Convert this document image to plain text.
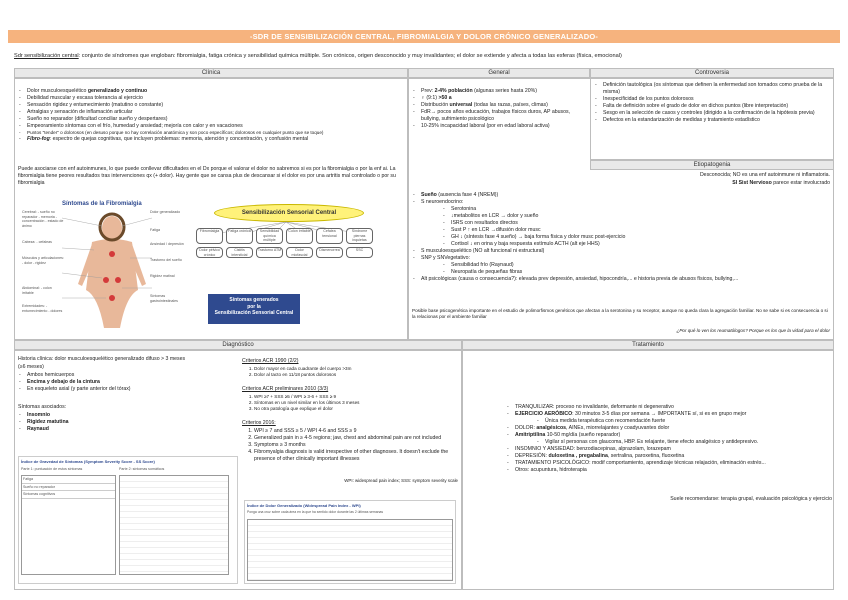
-SDR DE SENSIBILIZACIÓN CENTRAL, FIBROMIALGIA Y DOLOR CRÓNICO GENERALIZADO-
Sdr sensibilización central: conjunto de síndromes que engloban: fibromialgia, fatiga crónica y sensibilidad química múltiple. Son crónicos, origen desconocido y muy invalidantes; el dolor se extiende y afecta a todas las esferas (física, emocional)
Clínica	General	Controversia
Etiopatogenia
Diagnóstico	Tratamiento
- Dolor musculoesquelético generalizado y continuo
- Debilidad muscular y escasa tolerancia al ejercicio
- Sensación rigidez y entumecimiento (matutino o constante)
- Artralgias y sensación de inflamación articular
- Sueño no reparador (dificultad conciliar sueño y despertares)
- Empeoramiento síntomas con el frío, humedad y ansiedad; mejoría con calor y en vacaciones
- Puntos "tender" o dolorosos (en desuso porque no hay correlación anatómica y son poco específicos; dolorosos en cualquier punto que se toque)
- Fibro-fog: espectro de quejas cognitivas, que incluyen problemas: memoria, atención y concentración, y confusión mental
Puede asociarse con enf autoinmunes, lo que puede conllevar dificultades en el Dx porque el valorar el dolor no sabremos si es por la fibromialgia o por la enf ai. La fibromialgia tiene peores resultados tras intervenciones qx (+ dolor). Hay gente que se cansa plus de descansar si el dolor es por una artritis mal controlado o por su fibromialgia
Síntomas de la Fibromialgia
Cerebral: - sueño no reparador - memoria - concentración - estado de ánimo
Cabeza: - cefaleas
Músculos y articulaciones: - dolor - rigidez
Abdominal: - colon irritable
Extremidades: - entumecimiento - dolores
Dolor generalizado
Fatiga
Ansiedad / depresión
Trastorno del sueño
Rigidez matinal
Síntomas gastrointestinales
Sensibilización Sensorial Central
Fibromialgia	Fatiga crónica	Sensibilidad química múltiple
Colon irritable	Cefalea tensional
Síndrome piernas inquietas
Dolor pélvico crónico
Cistitis intersticial
Trastorno ATM	Dolor miofascial
Dismenorrea	SSC
Síntomas generados
por la
Sensibilización Sensorial Central
- Prev: 2-4% población (algunas series hasta 20%)
- ♀ (9:1) >50 a
- Distribución universal (todas las razas, países, climas)
- FdR→ pocos años educación, trabajos físicos duros, AP abusos, bullying, sufrimiento psicológico
- 10-25% incapacidad laboral (por en edad laboral activa)
- Definición tautológica (os síntomas que definen la enfermedad son tomados como prueba de la misma)
- Inespecificidad de los puntos dolorosos
- Falta de definición sobre el grado de dolor en dichos puntos (libre interpretación)
- Sesgo en la selección de casos y controles (dirigido a la confirmación de la hipótesis previa)
- Defectos en la estandarización de medidas y tratamiento estadístico
Desconocida; NO es una enf autoinmune ni inflamatoria.
SI Sist Nervioso parece estar involucrado
- Sueño (ausencia fase 4 (NREM))
- S neuroendocrino:
- Serotonina
- ↓metabolitos en LCR → dolor y sueño
- ISRS con resultados directos
- Sust P ↑ en LCR →difusión dolor musc
- GH ↓ (síntesis fase 4 sueño) → baja forma física y dolor musc post-ejercicio
- Cortisol ↓ en orina y baja respuesta estímulo ACTH (alt eje HHS)
- S musculoesquelético (NO alt funcional ni estructural)
- SNP y SNVegetativo:
- Sensibilidad frío (Raynaud)
- Neuropatía de pequeñas fibras
- Alt psicológicas (causa o consecuencia?): elevada prev depresión, ansiedad, hipocondría,... e historia previa de abusos físicos, bullying,...
Posible base psicogenética importante en el estudio de polimorfismos genéticos que afectan a la serotonina y su receptor, aunque no queda clara la agregación familiar. No se sabe si es consecuencia o si la relacionas por el ambiente familiar
¿Por qué lo ven los reumatólogos? Porque es los que la vidad para el dolor
Historia clínica: dolor musculoesquelético generalizado difuso > 3 meses
(≥6 meses)
- Ambos hemicuerpos
- Encima y debajo de la cintura
- En esqueleto axial (y parte anterior del tórax)
Síntomas asociados:
- Insomnio
- Rigidez matutina
- Raynaud
Índice de Gravedad de Síntomas (Symptom Severity Score - SS Score)
Parte 1: puntuación de estos síntomas
Fatiga
Sueño no reparador
Síntomas cognitivos
Parte 2: síntomas somáticos
Criterios ACR 1990 (2/2)
1. Dolor mayor en cada cuadrante del cuerpo >3m
2. Dolor al tacto en 11/18 puntos dolorosos
Criterios ACR preliminares 2010 (3/3)
1. WPI ≥7 + SSS ≥5 / WPI ≥ 3-6 + SSS ≥ 9
2. Síntomas en un nivel similar en los últimos 3 meses
3. No otra patología que explique el dolor
Criterios 2016:
1. WPI ≥ 7 and SSS ≥ 5 / WPI 4-6 and SSS ≥ 9
2. Generalized pain in ≥ 4-5 regions; jaw, chest and abdominal pain are not included
3. Symptoms ≥ 3 months
4. Fibromyalgia diagnosis is valid irrespective of other diagnoses. It doesn't exclude the presence of other clinically important illnesses
WPI: widespread pain index; SSS: symptom severity scale
Índice de Dolor Generalizado (Widespread Pain Index - WPI)
Ponga una cruz sobre cada área en la que ha sentido dolor durante las 2 últimas semanas
- TRANQUILIZAR: proceso no invalidante, deformante ni degenerativo
- EJERCICIO AERÓBICO: 30 minutos 3-5 días por semana → IMPORTANTE sí, si es en grupo mejor
- Única medida terapéutica con recomendación fuerte
- DOLOR: analgésicos, AINEs, miorrelajantes y coadyuvantes dolor
- Amitriptilina 10-50 mg/día (sueño reparador)
- Vigilar sí personas con glaucoma, HBP. Es relajante, tiene efecto analgésico y antidepresivo.
- INSOMNIO Y ANSIEDAD: benzodiacepinas, alprazolam, lorazepam
- DEPRESIÓN: duloxetina , pregabalina, sertralina, paroxetina, fluoxetina
- TRATAMIENTO PSICOLÓGICO: modif comportamiento, aprendizaje técnicas relajación, eliminación estrés...
- Otros: acupuntura, hidroterapia
Suele recomendarse: terapia grupal, evaluación psicológica y ejercicio
